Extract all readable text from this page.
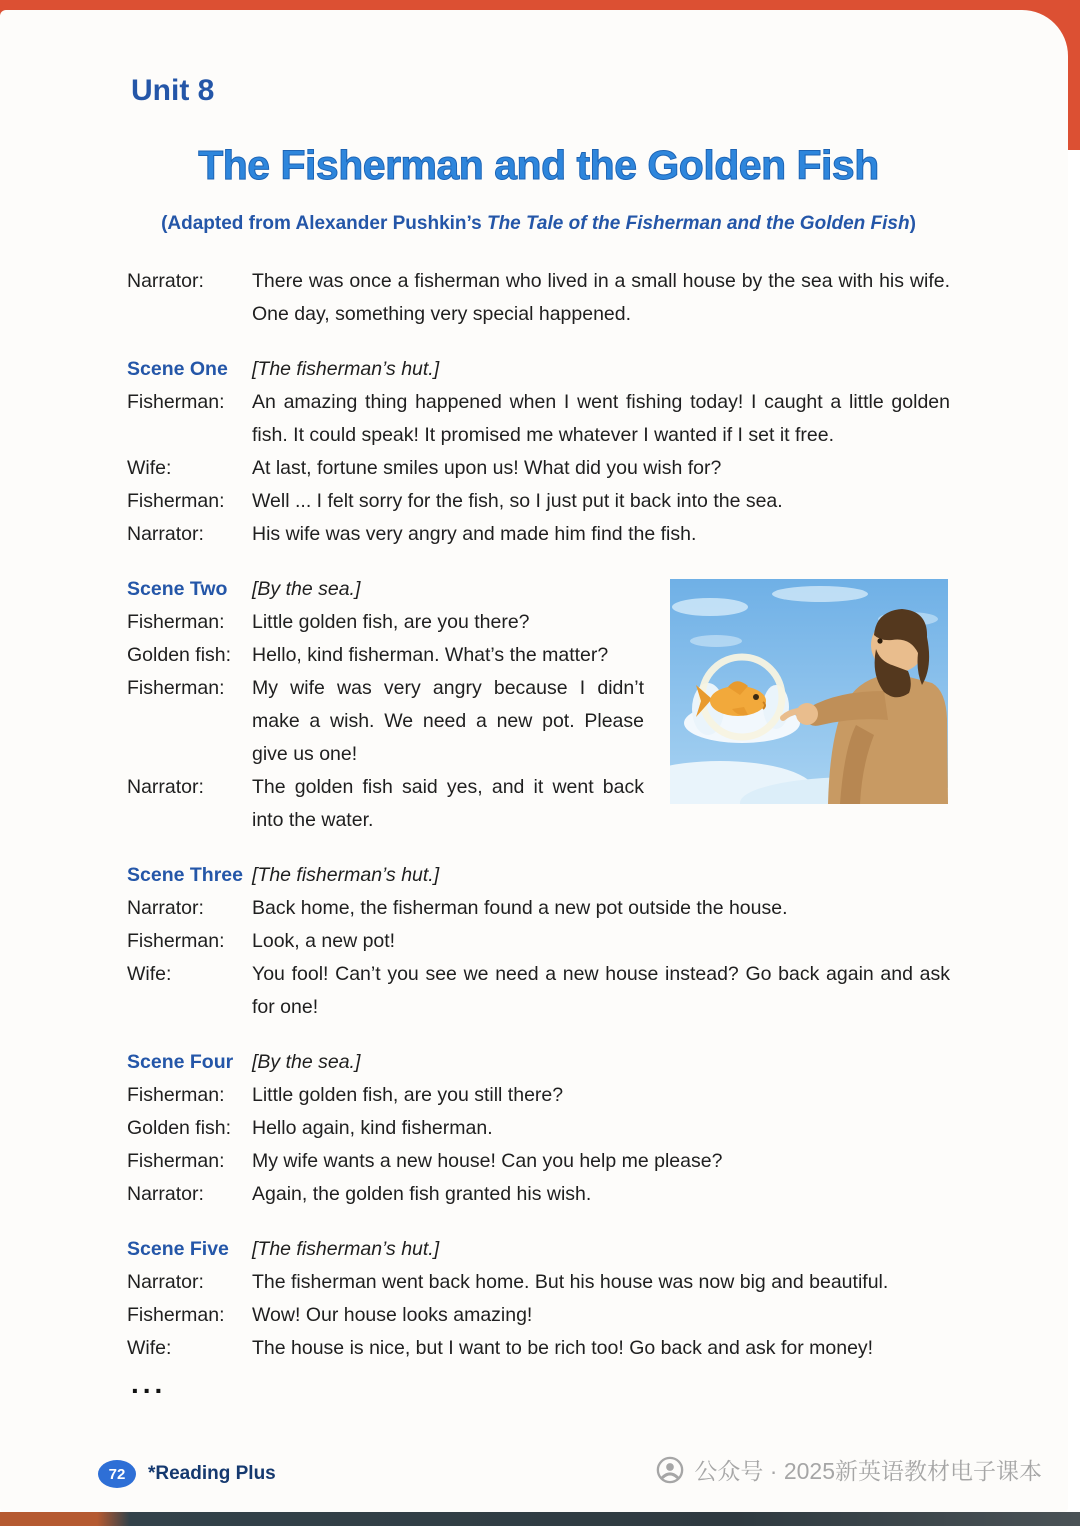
Unit 8
The Fisherman and the Golden Fish

(Adapted from Alexander Pushkin’s The Tale of the Fisherman and the Golden Fish)

Narrator:	There was once a fisherman who lived in a small house by the sea with his wife. One day, something very special happened.
Scene One	[The fisherman’s hut.]
Fisherman:	An amazing thing happened when I went fishing today! I caught a little golden fish. It could speak! It promised me whatever I wanted if I set it free.
Wife:	At last, fortune smiles upon us! What did you wish for?
Fisherman:	Well ... I felt sorry for the fish, so I just put it back into the sea.
Narrator:	His wife was very angry and made him find the fish.
Scene Two	[By the sea.]
Fisherman:	Little golden fish, are you there?
Golden fish:	Hello, kind fisherman. What’s the matter?
Fisherman:	My wife was very angry because I didn’t make a wish. We need a new pot. Please give us one!
Narrator:	The golden fish said yes, and it went back into the water.
Scene Three [The fisherman’s hut.]
Narrator:	Back home, the fisherman found a new pot outside the house.
Fisherman:	Look, a new pot!
Wife:	You fool! Can’t you see we need a new house instead? Go back again and ask for one!
Scene Four [By the sea.]
Fisherman:	Little golden fish, are you still there?
Golden fish:	Hello again, kind fisherman.
Fisherman:	My wife wants a new house! Can you help me please?
Narrator:	Again, the golden fish granted his wish.
Scene Five	[The fisherman’s hut.]
Narrator:	The fisherman went back home. But his house was now big and beautiful.
Fisherman:	Wow! Our house looks amazing!
Wife:	The house is nice, but I want to be rich too! Go back and ask for money!
...
72	*Reading Plus	公众号 · 2025新英语教材电子课本
